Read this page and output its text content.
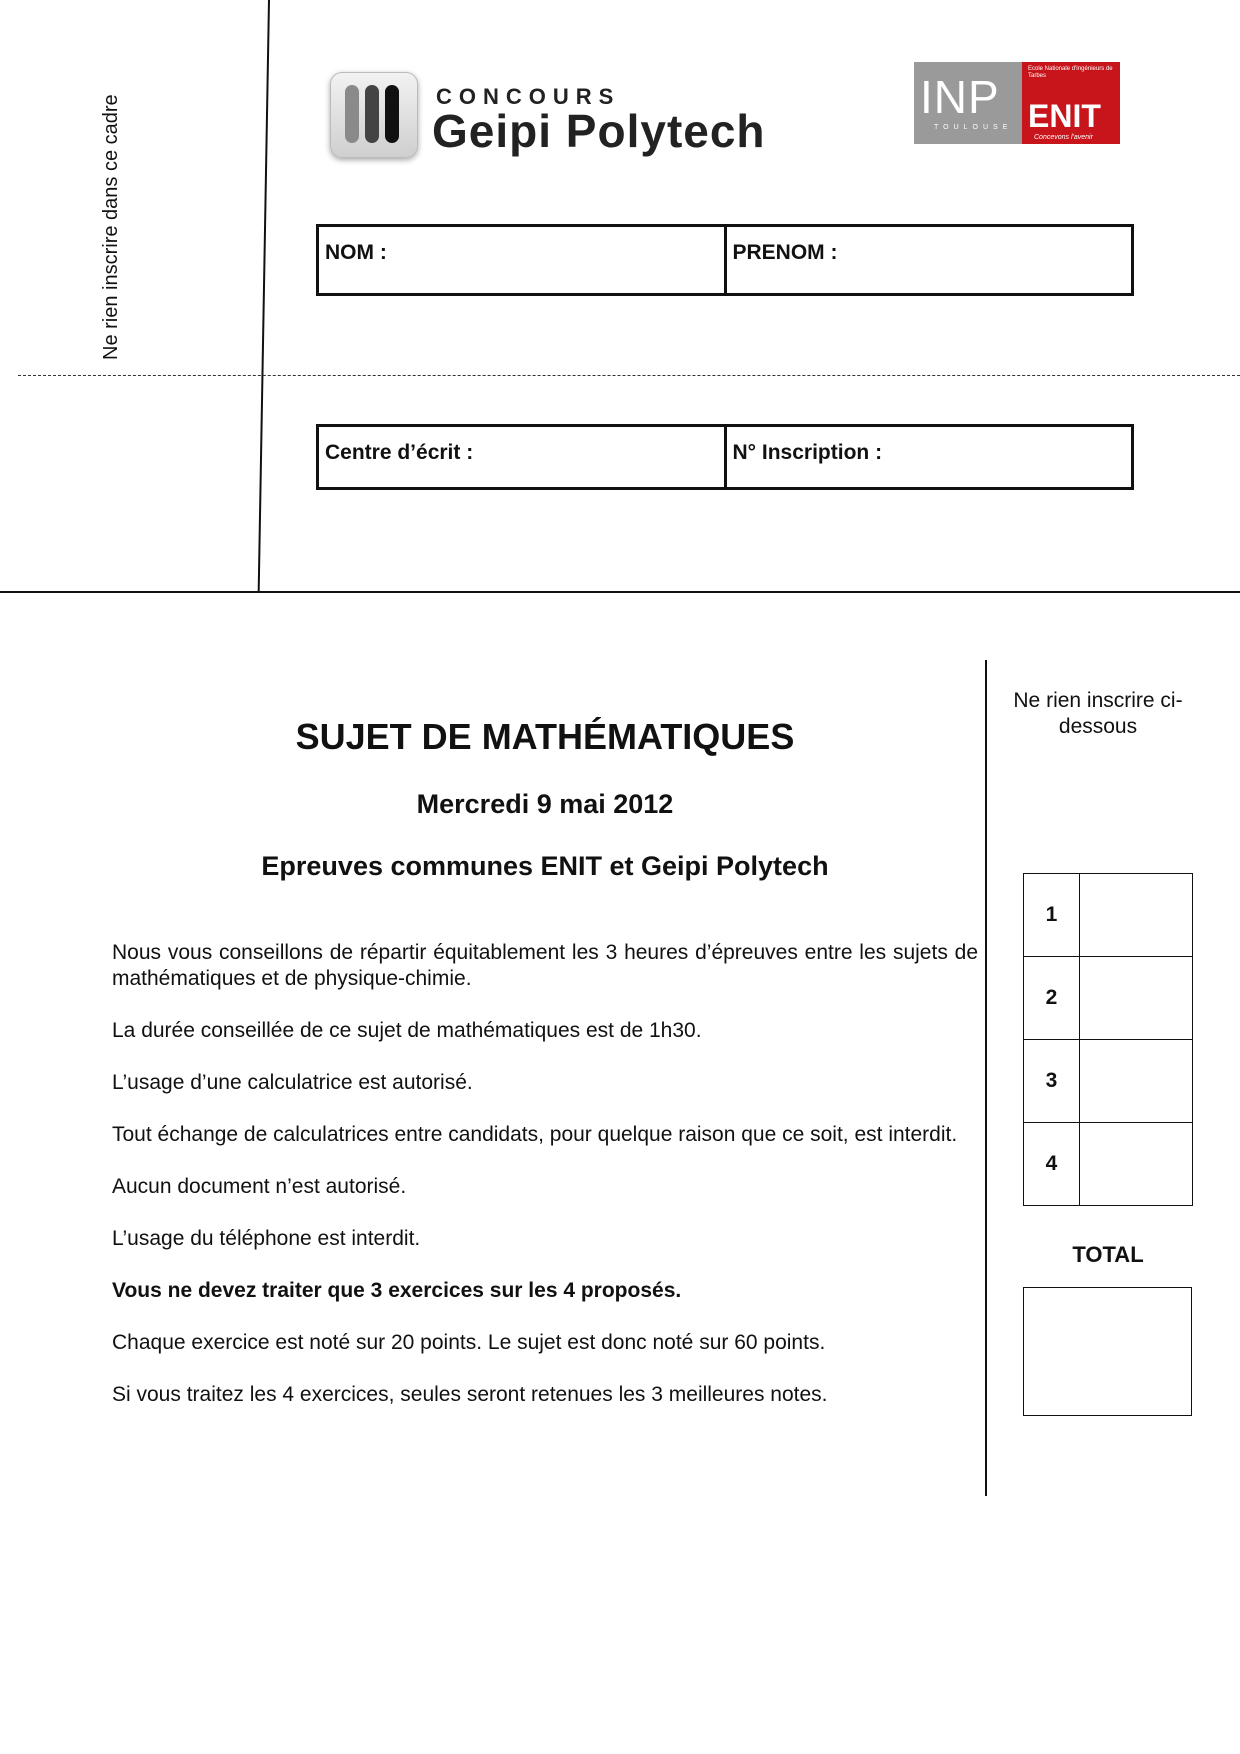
Ne rien inscrire dans ce cadre	CONCOURS
Geipi Polytech
INP
TOULOUSE
Ecole Nationale d'Ingénieurs de Tarbes
ENIT
Concevons l'avenir
NOM :	PRENOM :
Centre d’écrit :	N° Inscription :
SUJET DE MATHÉMATIQUES
Mercredi 9 mai 2012
Epreuves communes ENIT et Geipi Polytech

Nous vous conseillons de répartir équitablement les 3 heures d’épreuves entre les sujets de mathématiques et de physique-chimie.

La durée conseillée de ce sujet de mathématiques est de 1h30.

L’usage d’une calculatrice est autorisé.

Tout échange de calculatrices entre candidats, pour quelque raison que ce soit, est interdit.

Aucun document n’est autorisé.

L’usage du téléphone est interdit.

Vous ne devez traiter que 3 exercices sur les 4 proposés.

Chaque exercice est noté sur 20 points. Le sujet est donc noté sur 60 points.

Si vous traitez les 4 exercices, seules seront retenues les 3 meilleures notes.

Ne rien inscrire ci-dessous
1	
2	
3	
4	
TOTAL
